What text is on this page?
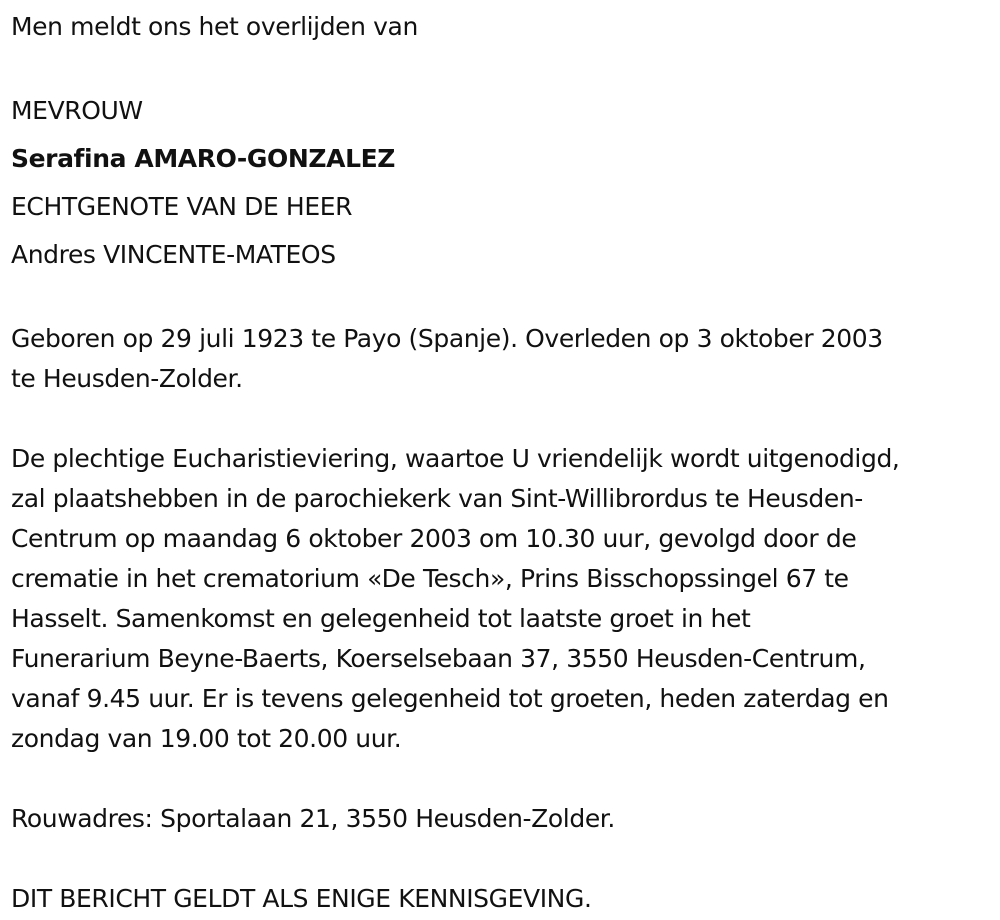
Men meldt ons het overlijden van
MEVROUW
Serafina AMARO-GONZALEZ
ECHTGENOTE VAN DE HEER
Andres VINCENTE-MATEOS
Geboren op 29 juli 1923 te Payo (Spanje). Overleden op 3 oktober 2003
te Heusden-Zolder.
De plechtige Eucharistieviering, waartoe U vriendelijk wordt uitgenodigd,
zal plaatshebben in de parochiekerk van Sint-Willibrordus te Heusden-
Centrum op maandag 6 oktober 2003 om 10.30 uur, gevolgd door de
crematie in het crematorium «De Tesch», Prins Bisschopssingel 67 te
Hasselt. Samenkomst en gelegenheid tot laatste groet in het
Funerarium Beyne-Baerts, Koerselsebaan 37, 3550 Heusden-Centrum,
vanaf 9.45 uur. Er is tevens gelegenheid tot groeten, heden zaterdag en
zondag van 19.00 tot 20.00 uur.
Rouwadres: Sportalaan 21, 3550 Heusden-Zolder.
DIT BERICHT GELDT ALS ENIGE KENNISGEVING.
